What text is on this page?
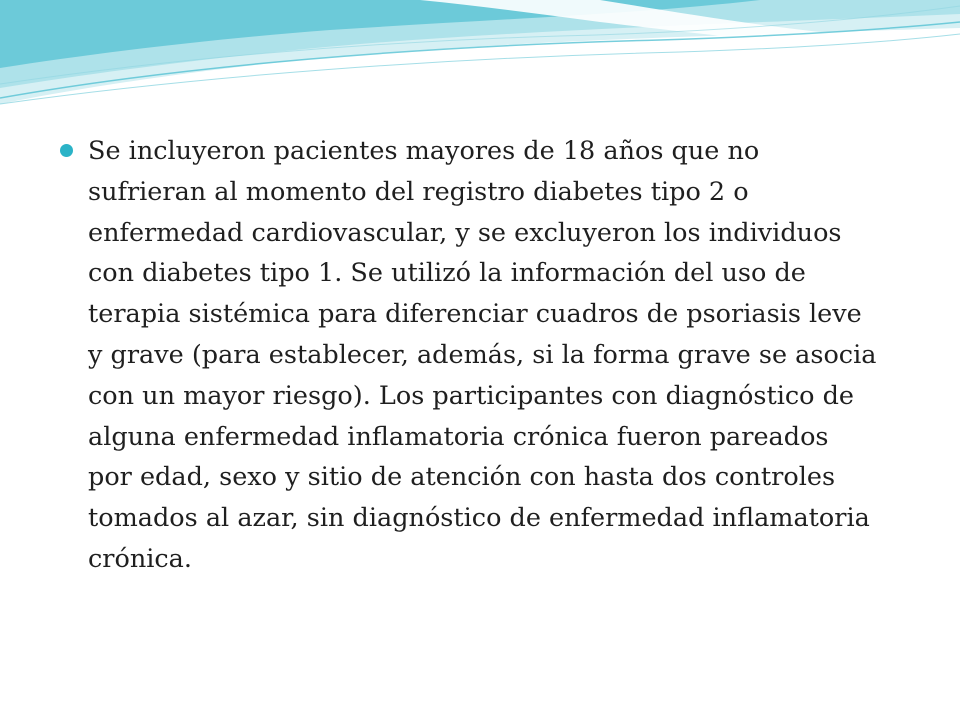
Se incluyeron pacientes mayores de 18 años que no sufrieran al momento del registro diabetes tipo 2 o enfermedad cardiovascular, y se excluyeron los individuos con diabetes tipo 1. Se utilizó la información del uso de terapia sistémica para diferenciar cuadros de psoriasis leve y grave (para establecer, además, si la forma grave se asocia con un mayor riesgo). Los participantes con diagnóstico de alguna enfermedad inflamatoria crónica fueron pareados por edad, sexo y sitio de atención con hasta dos controles tomados al azar, sin diagnóstico de enfermedad inflamatoria crónica.
